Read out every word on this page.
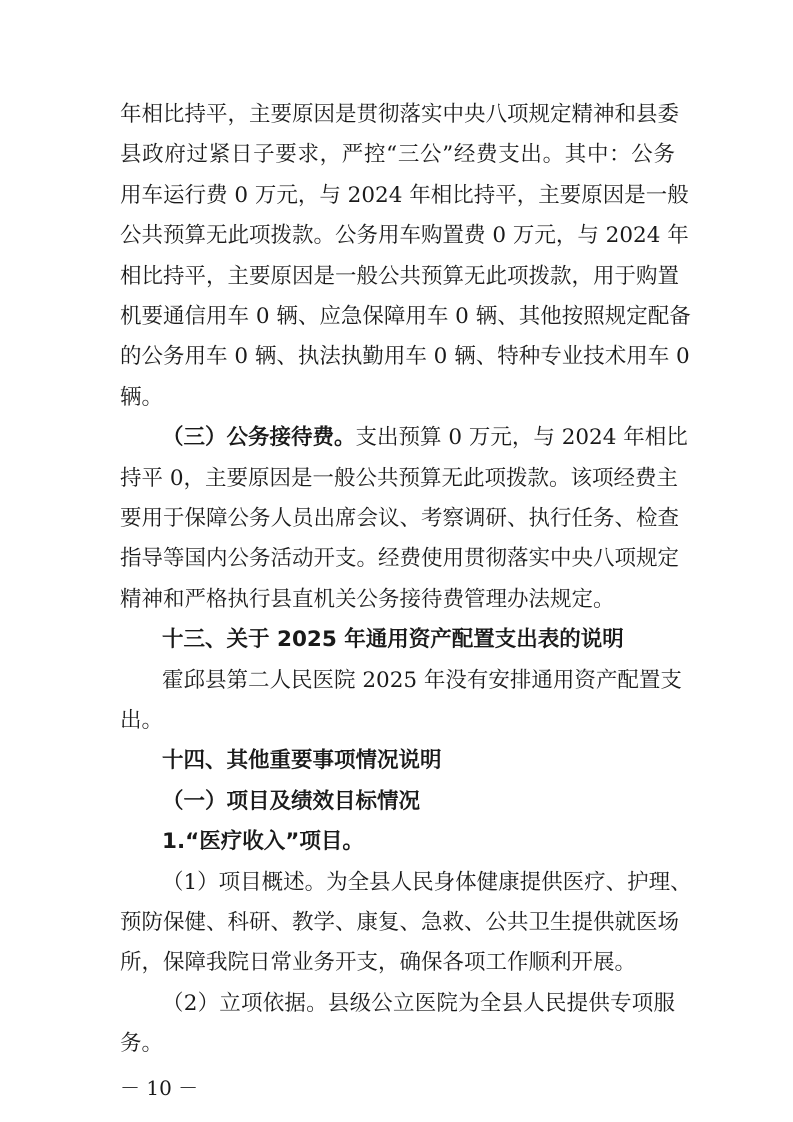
年相比持平，主要原因是贯彻落实中央八项规定精神和县委
县政府过紧日子要求，严控“三公”经费支出。其中：公务
用车运行费 0 万元，与 2024 年相比持平，主要原因是一般
公共预算无此项拨款。公务用车购置费 0 万元，与 2024 年
相比持平，主要原因是一般公共预算无此项拨款，用于购置
机要通信用车 0 辆、应急保障用车 0 辆、其他按照规定配备
的公务用车 0 辆、执法执勤用车 0 辆、特种专业技术用车 0
辆。
（三）公务接待费。支出预算 0 万元，与 2024 年相比
持平 0，主要原因是一般公共预算无此项拨款。该项经费主
要用于保障公务人员出席会议、考察调研、执行任务、检查
指导等国内公务活动开支。经费使用贯彻落实中央八项规定
精神和严格执行县直机关公务接待费管理办法规定。
十三、关于 2025 年通用资产配置支出表的说明
霍邱县第二人民医院 2025 年没有安排通用资产配置支
出。
十四、其他重要事项情况说明
（一）项目及绩效目标情况
1.“医疗收入”项目。
（1）项目概述。为全县人民身体健康提供医疗、护理、
预防保健、科研、教学、康复、急救、公共卫生提供就医场
所，保障我院日常业务开支，确保各项工作顺利开展。
（2）立项依据。县级公立医院为全县人民提供专项服
务。
－ 10 －
